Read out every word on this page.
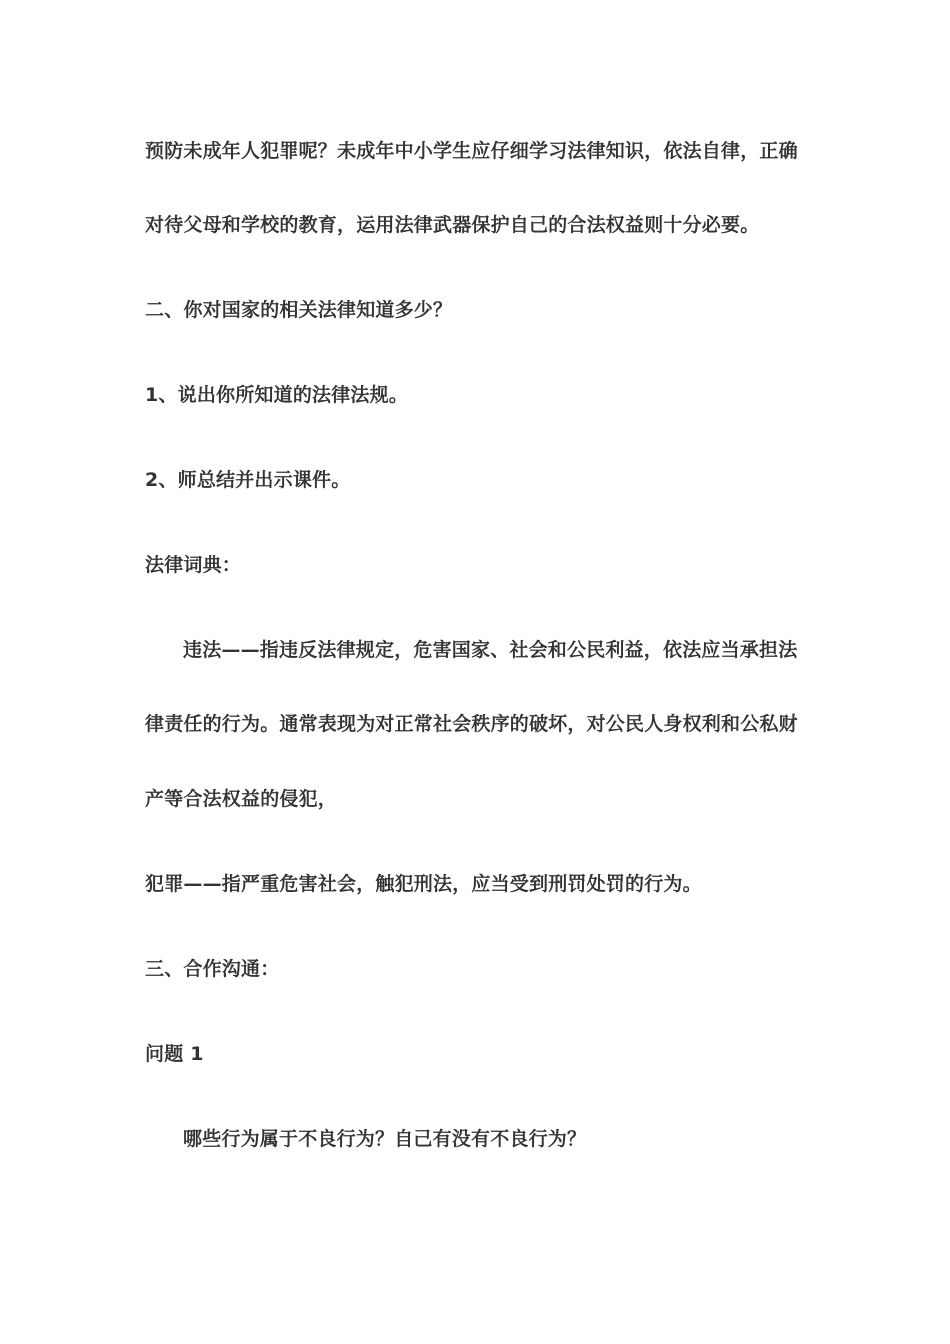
预防未成年人犯罪呢？未成年中小学生应仔细学习法律知识，依法自律，正确
对待父母和学校的教育，运用法律武器保护自己的合法权益则十分必要。
二、你对国家的相关法律知道多少？
1、说出你所知道的法律法规。
2、师总结并出示课件。
法律词典：
违法——指违反法律规定，危害国家、社会和公民利益，依法应当承担法
律责任的行为。通常表现为对正常社会秩序的破坏，对公民人身权利和公私财
产等合法权益的侵犯，
犯罪——指严重危害社会，触犯刑法，应当受到刑罚处罚的行为。
三、合作沟通：
问题 1
哪些行为属于不良行为？自己有没有不良行为？
